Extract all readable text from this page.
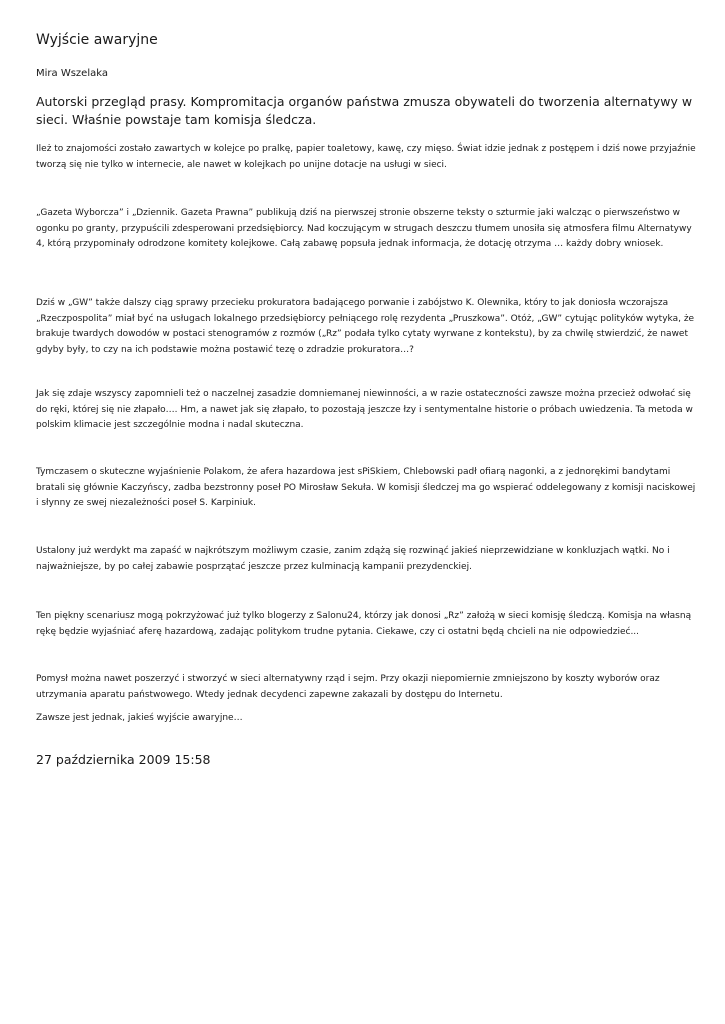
Wyjście awaryjne

Mira Wszelaka

Autorski przegląd prasy. Kompromitacja organów państwa zmusza obywateli do tworzenia alternatywy w sieci. Właśnie powstaje tam komisja śledcza.

Ileż to znajomości zostało zawartych w kolejce po pralkę, papier toaletowy, kawę, czy mięso. Świat idzie jednak z postępem i dziś nowe przyjaźnie tworzą się nie tylko w internecie, ale nawet w kolejkach po unijne dotacje na usługi w sieci.

„Gazeta Wyborcza” i „Dziennik. Gazeta Prawna” publikują dziś na pierwszej stronie obszerne teksty o szturmie jaki walcząc o pierwszeństwo w ogonku po granty, przypuścili zdesperowani przedsiębiorcy. Nad koczującym w strugach deszczu tłumem unosiła się atmosfera filmu Alternatywy 4, którą przypominały odrodzone komitety kolejkowe. Całą zabawę popsuła jednak informacja, że dotację otrzyma … każdy dobry wniosek.

Dziś w „GW” także dalszy ciąg sprawy przecieku prokuratora badającego porwanie i zabójstwo K. Olewnika, który to jak doniosła wczorajsza „Rzeczpospolita” miał być na usługach lokalnego przedsiębiorcy pełniącego rolę rezydenta „Pruszkowa”. Otóż, „GW” cytując polityków wytyka, że brakuje twardych dowodów w postaci stenogramów z rozmów („Rz” podała tylko cytaty wyrwane z kontekstu), by za chwilę stwierdzić, że nawet gdyby były, to czy na ich podstawie można postawić tezę o zdradzie prokuratora…?

Jak się zdaje wszyscy zapomnieli też o naczelnej zasadzie domniemanej niewinności, a w razie ostateczności zawsze można przecież odwołać się do ręki, której się nie złapało…. Hm, a nawet jak się złapało, to pozostają jeszcze łzy i sentymentalne historie o próbach uwiedzenia. Ta metoda w polskim klimacie jest szczególnie modna i nadal skuteczna.

Tymczasem o skuteczne wyjaśnienie Polakom, że afera hazardowa jest sPiSkiem, Chlebowski padł ofiarą nagonki, a z jednorękimi bandytami bratali się głównie Kaczyńscy, zadba bezstronny poseł PO Mirosław Sekuła. W komisji śledczej ma go wspierać oddelegowany z komisji naciskowej i słynny ze swej niezależności poseł S. Karpiniuk.

Ustalony już werdykt ma zapaść w najkrótszym możliwym czasie, zanim zdążą się rozwinąć jakieś nieprzewidziane w konkluzjach wątki. No i najważniejsze, by po całej zabawie posprzątać jeszcze przez kulminacją kampanii prezydenckiej.

Ten piękny scenariusz mogą pokrzyżować już tylko blogerzy z Salonu24, którzy jak donosi „Rz” założą w sieci komisję śledczą. Komisja na własną rękę będzie wyjaśniać aferę hazardową, zadając politykom trudne pytania. Ciekawe, czy ci ostatni będą chcieli na nie odpowiedzieć...

Pomysł można nawet poszerzyć i stworzyć w sieci alternatywny rząd i sejm. Przy okazji niepomiernie zmniejszono by koszty wyborów oraz utrzymania aparatu państwowego. Wtedy jednak decydenci zapewne zakazali by dostępu do Internetu.

Zawsze jest jednak, jakieś wyjście awaryjne…

27 października 2009 15:58
